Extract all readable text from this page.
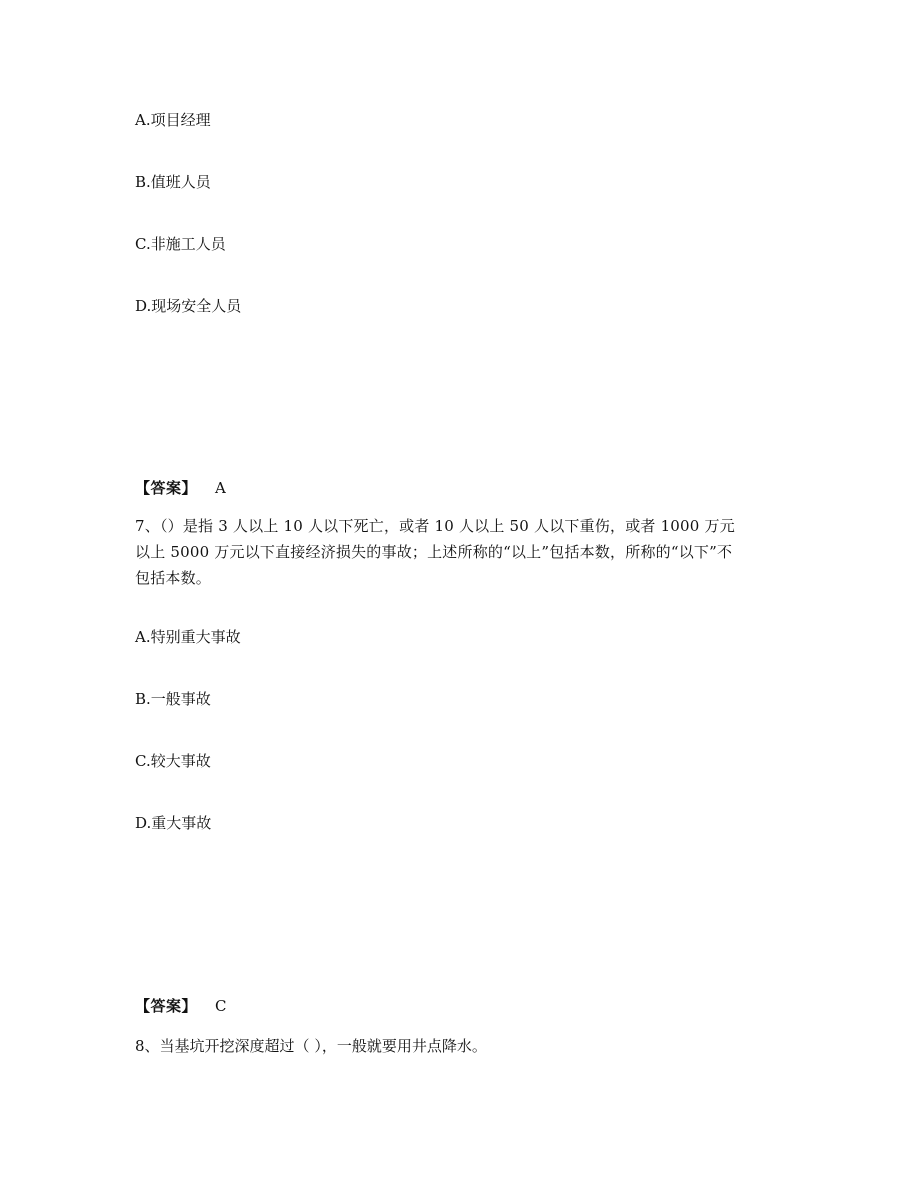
A.项目经理
B.值班人员
C.非施工人员
D.现场安全人员
【答案】 A
7、（）是指 3 人以上 10 人以下死亡，或者 10 人以上 50 人以下重伤，或者 1000 万元
以上 5000 万元以下直接经济损失的事故；上述所称的“以上”包括本数，所称的“以下”不
包括本数。
A.特别重大事故
B.一般事故
C.较大事故
D.重大事故
【答案】 C
8、当基坑开挖深度超过（ ），一般就要用井点降水。
